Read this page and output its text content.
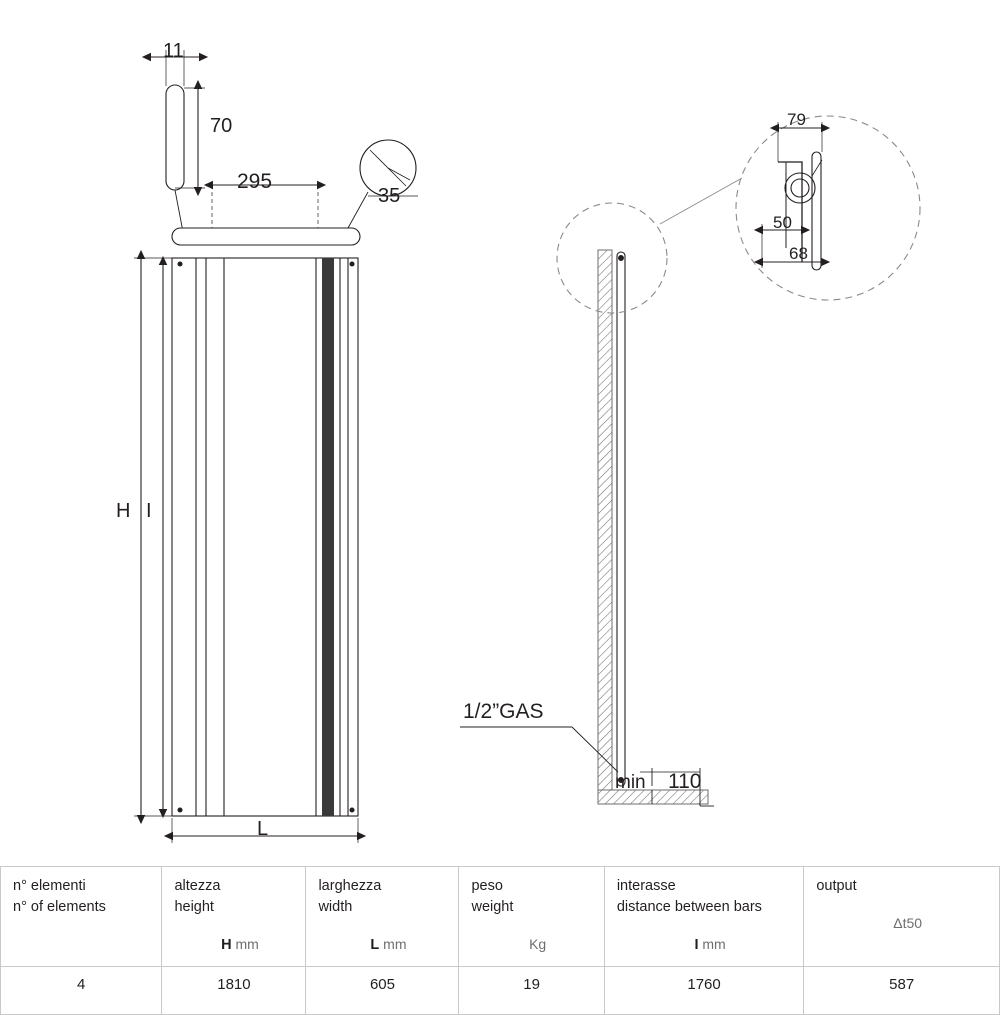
11
70
295
35
H I
L
79
50
68
1/2”GAS
min 110
n° elementi
n° of elements	altezza
height
H mm	larghezza
width
L mm	peso
weight
Kg	interasse
distance between bars
I mm	output
Δt50

4	1810	605	19	1760	587
